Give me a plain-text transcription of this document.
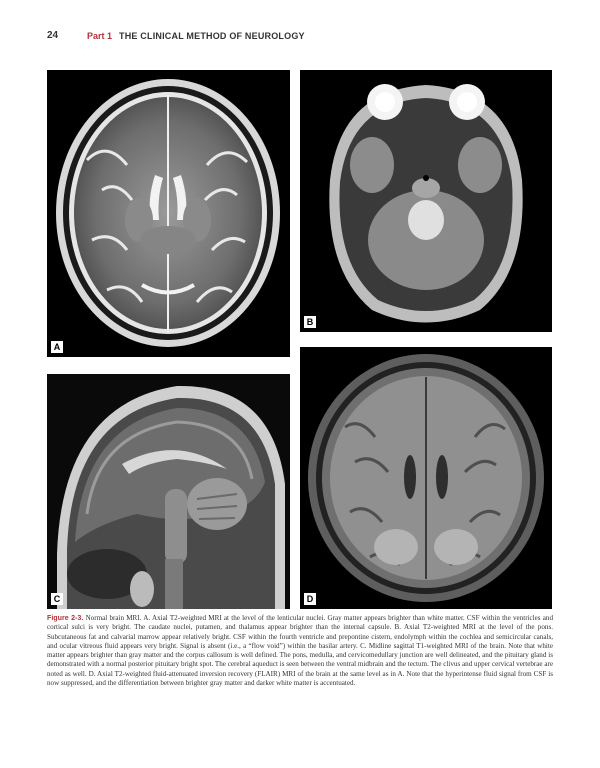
24	Part 1 THE CLINICAL METHOD OF NEUROLOGY
A
B
C	D
Figure 2-3. Normal brain MRI. A. Axial T2-weighted MRI at the level of the lenticular nuclei. Gray matter appears brighter than white matter. CSF within the ventricles and cortical sulci is very bright. The caudate nuclei, putamen, and thalamus appear brighter than the internal capsule. B. Axial T2-weighted MRI at the level of the pons. Subcutaneous fat and calvarial marrow appear relatively bright. CSF within the fourth ventricle and prepontine cistern, endolymph within the cochlea and semicircular canals, and ocular vitreous fluid appears very bright. Signal is absent (i.e., a “flow void”) within the basilar artery. C. Midline sagittal T1-weighted MRI of the brain. Note that white matter appears brighter than gray matter and the corpus callosum is well defined. The pons, medulla, and cervicomedullary junction are well delineated, and the pituitary gland is demonstrated with a normal posterior pituitary bright spot. The cerebral aqueduct is seen between the ventral midbrain and the tectum. The clivus and upper cervical vertebrae are noted as well. D. Axial T2-weighted fluid-attenuated inversion recovery (FLAIR) MRI of the brain at the same level as in A. Note that the hyperintense fluid signal from CSF is now suppressed, and the differentiation between brighter gray matter and darker white matter is accentuated.
